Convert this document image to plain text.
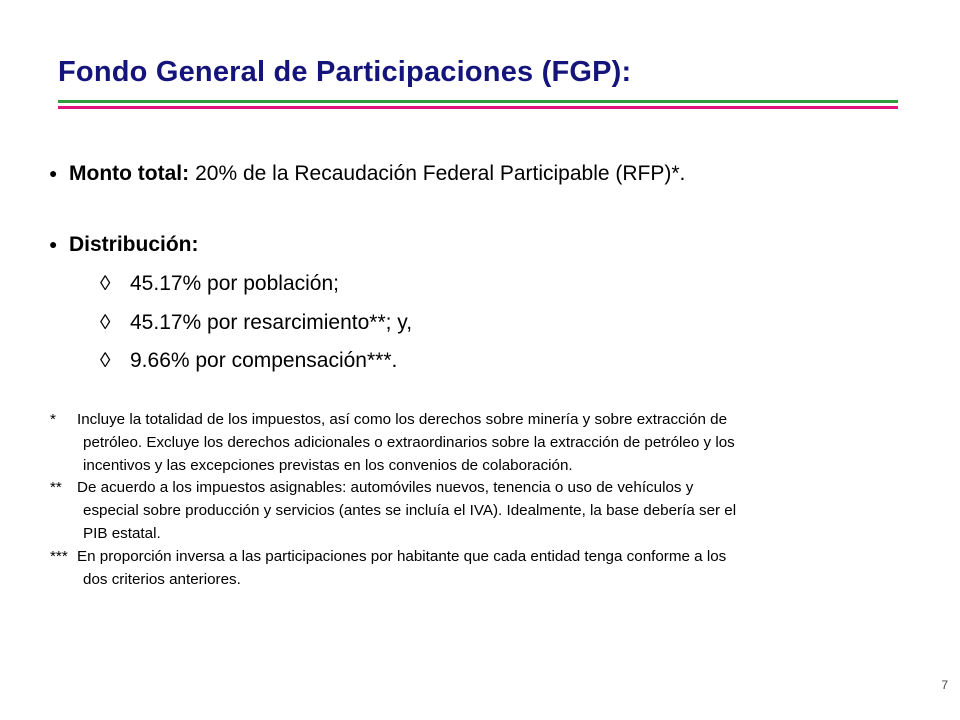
Fondo General de Participaciones (FGP):
● Monto total: 20% de la Recaudación Federal Participable (RFP)*.
● Distribución:
◊ 45.17% por población;
◊ 45.17% por resarcimiento**; y,
◊ 9.66% por compensación***.
*	Incluye la totalidad de los impuestos, así como los derechos sobre minería y sobre extracción de
petróleo. Excluye los derechos adicionales o extraordinarios sobre la extracción de petróleo y los
incentivos y las excepciones previstas en los convenios de colaboración.
** De acuerdo a los impuestos asignables: automóviles nuevos, tenencia o uso de vehículos y
especial sobre producción y servicios (antes se incluía el IVA). Idealmente, la base debería ser el
PIB estatal.
*** En proporción inversa a las participaciones por habitante que cada entidad tenga conforme a los
dos criterios anteriores.
7
